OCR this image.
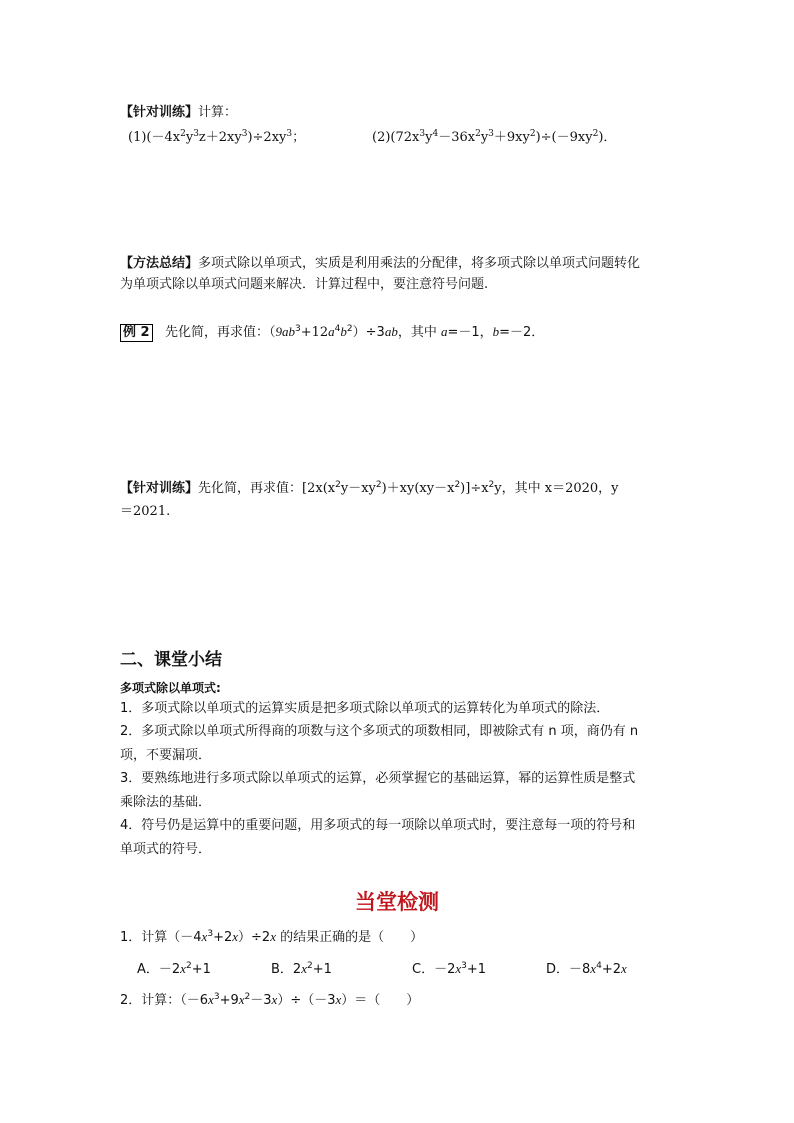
【针对训练】计算：
$(1)(-4x^2y^3z+2xy^3)\div 2xy^3$；	$(2)(72x^3y^4-36x^2y^3+9xy^2)\div(-9xy^2)$．
【方法总结】多项式除以单项式，实质是利用乘法的分配律，将多项式除以单项式问题转化
为单项式除以单项式问题来解决．计算过程中，要注意符号问题.
例 2 先化简，再求值：$(9ab^3+12a^4b^2)\div 3ab$，其中 a=－1，b=－2．
【针对训练】先化简，再求值：$[2x(x^2y-xy^2)+xy(xy-x^2)]\div x^2y$，其中 x＝2020，y
＝2021.
二、课堂小结
多项式除以单项式:
1．多项式除以单项式的运算实质是把多项式除以单项式的运算转化为单项式的除法．
2．多项式除以单项式所得商的项数与这个多项式的项数相同，即被除式有 n 项，商仍有 n
项，不要漏项．
3．要熟练地进行多项式除以单项式的运算，必须掌握它的基础运算，幂的运算性质是整式
乘除法的基础．
4．符号仍是运算中的重要问题，用多项式的每一项除以单项式时，要注意每一项的符号和
单项式的符号．
当堂检测
1．计算$(-4x^3+2x)\div 2x$ 的结果正确的是（　　）
A．$-2x^2+1$	B．$2x^2+1$	C．$-2x^3+1$	D．$-8x^4+2x$
2．计算：$(-6x^3+9x^2-3x)\div(-3x)=$（　　）
